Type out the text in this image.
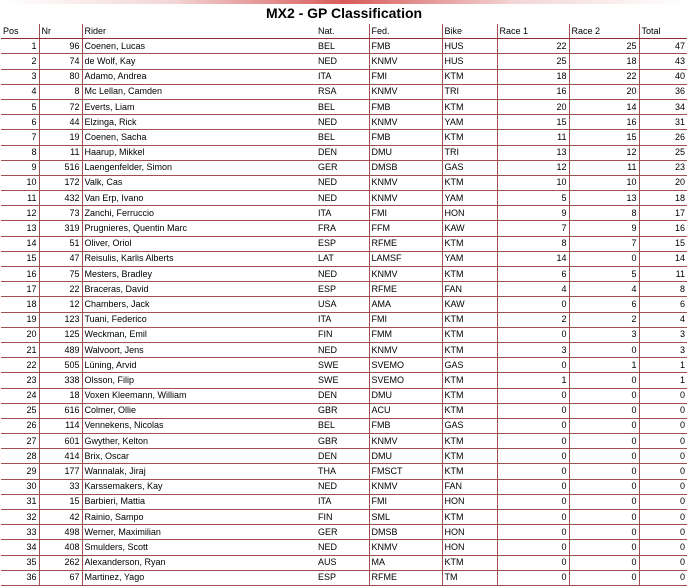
MX2 - GP Classification
Pos	Nr	Rider	Nat.	Fed.	Bike	Race 1	Race 2	Total
1	96	Coenen, Lucas	BEL	FMB	HUS	22	25	47
2	74	de Wolf, Kay	NED	KNMV	HUS	25	18	43
3	80	Adamo, Andrea	ITA	FMI	KTM	18	22	40
4	8	Mc Lellan, Camden	RSA	KNMV	TRI	16	20	36
5	72	Everts, Liam	BEL	FMB	KTM	20	14	34
6	44	Elzinga, Rick	NED	KNMV	YAM	15	16	31
7	19	Coenen, Sacha	BEL	FMB	KTM	11	15	26
8	11	Haarup, Mikkel	DEN	DMU	TRI	13	12	25
9	516	Laengenfelder, Simon	GER	DMSB	GAS	12	11	23
10	172	Valk, Cas	NED	KNMV	KTM	10	10	20
11	432	Van Erp, Ivano	NED	KNMV	YAM	5	13	18
12	73	Zanchi, Ferruccio	ITA	FMI	HON	9	8	17
13	319	Prugnieres, Quentin Marc	FRA	FFM	KAW	7	9	16
14	51	Oliver, Oriol	ESP	RFME	KTM	8	7	15
15	47	Reisulis, Karlis Alberts	LAT	LAMSF	YAM	14	0	14
16	75	Mesters, Bradley	NED	KNMV	KTM	6	5	11
17	22	Braceras, David	ESP	RFME	FAN	4	4	8
18	12	Chambers, Jack	USA	AMA	KAW	0	6	6
19	123	Tuani, Federico	ITA	FMI	KTM	2	2	4
20	125	Weckman, Emil	FIN	FMM	KTM	0	3	3
21	489	Walvoort, Jens	NED	KNMV	KTM	3	0	3
22	505	Lüning, Arvid	SWE	SVEMO	GAS	0	1	1
23	338	Olsson, Filip	SWE	SVEMO	KTM	1	0	1
24	18	Voxen Kleemann, William	DEN	DMU	KTM	0	0	0
25	616	Colmer, Ollie	GBR	ACU	KTM	0	0	0
26	114	Vennekens, Nicolas	BEL	FMB	GAS	0	0	0
27	601	Gwyther, Kelton	GBR	KNMV	KTM	0	0	0
28	414	Brix, Oscar	DEN	DMU	KTM	0	0	0
29	177	Wannalak, Jiraj	THA	FMSCT	KTM	0	0	0
30	33	Karssemakers, Kay	NED	KNMV	FAN	0	0	0
31	15	Barbieri, Mattia	ITA	FMI	HON	0	0	0
32	42	Rainio, Sampo	FIN	SML	KTM	0	0	0
33	498	Werner, Maximilian	GER	DMSB	HON	0	0	0
34	408	Smulders, Scott	NED	KNMV	HON	0	0	0
35	262	Alexanderson, Ryan	AUS	MA	KTM	0	0	0
36	67	Martinez, Yago	ESP	RFME	TM	0	0	0
